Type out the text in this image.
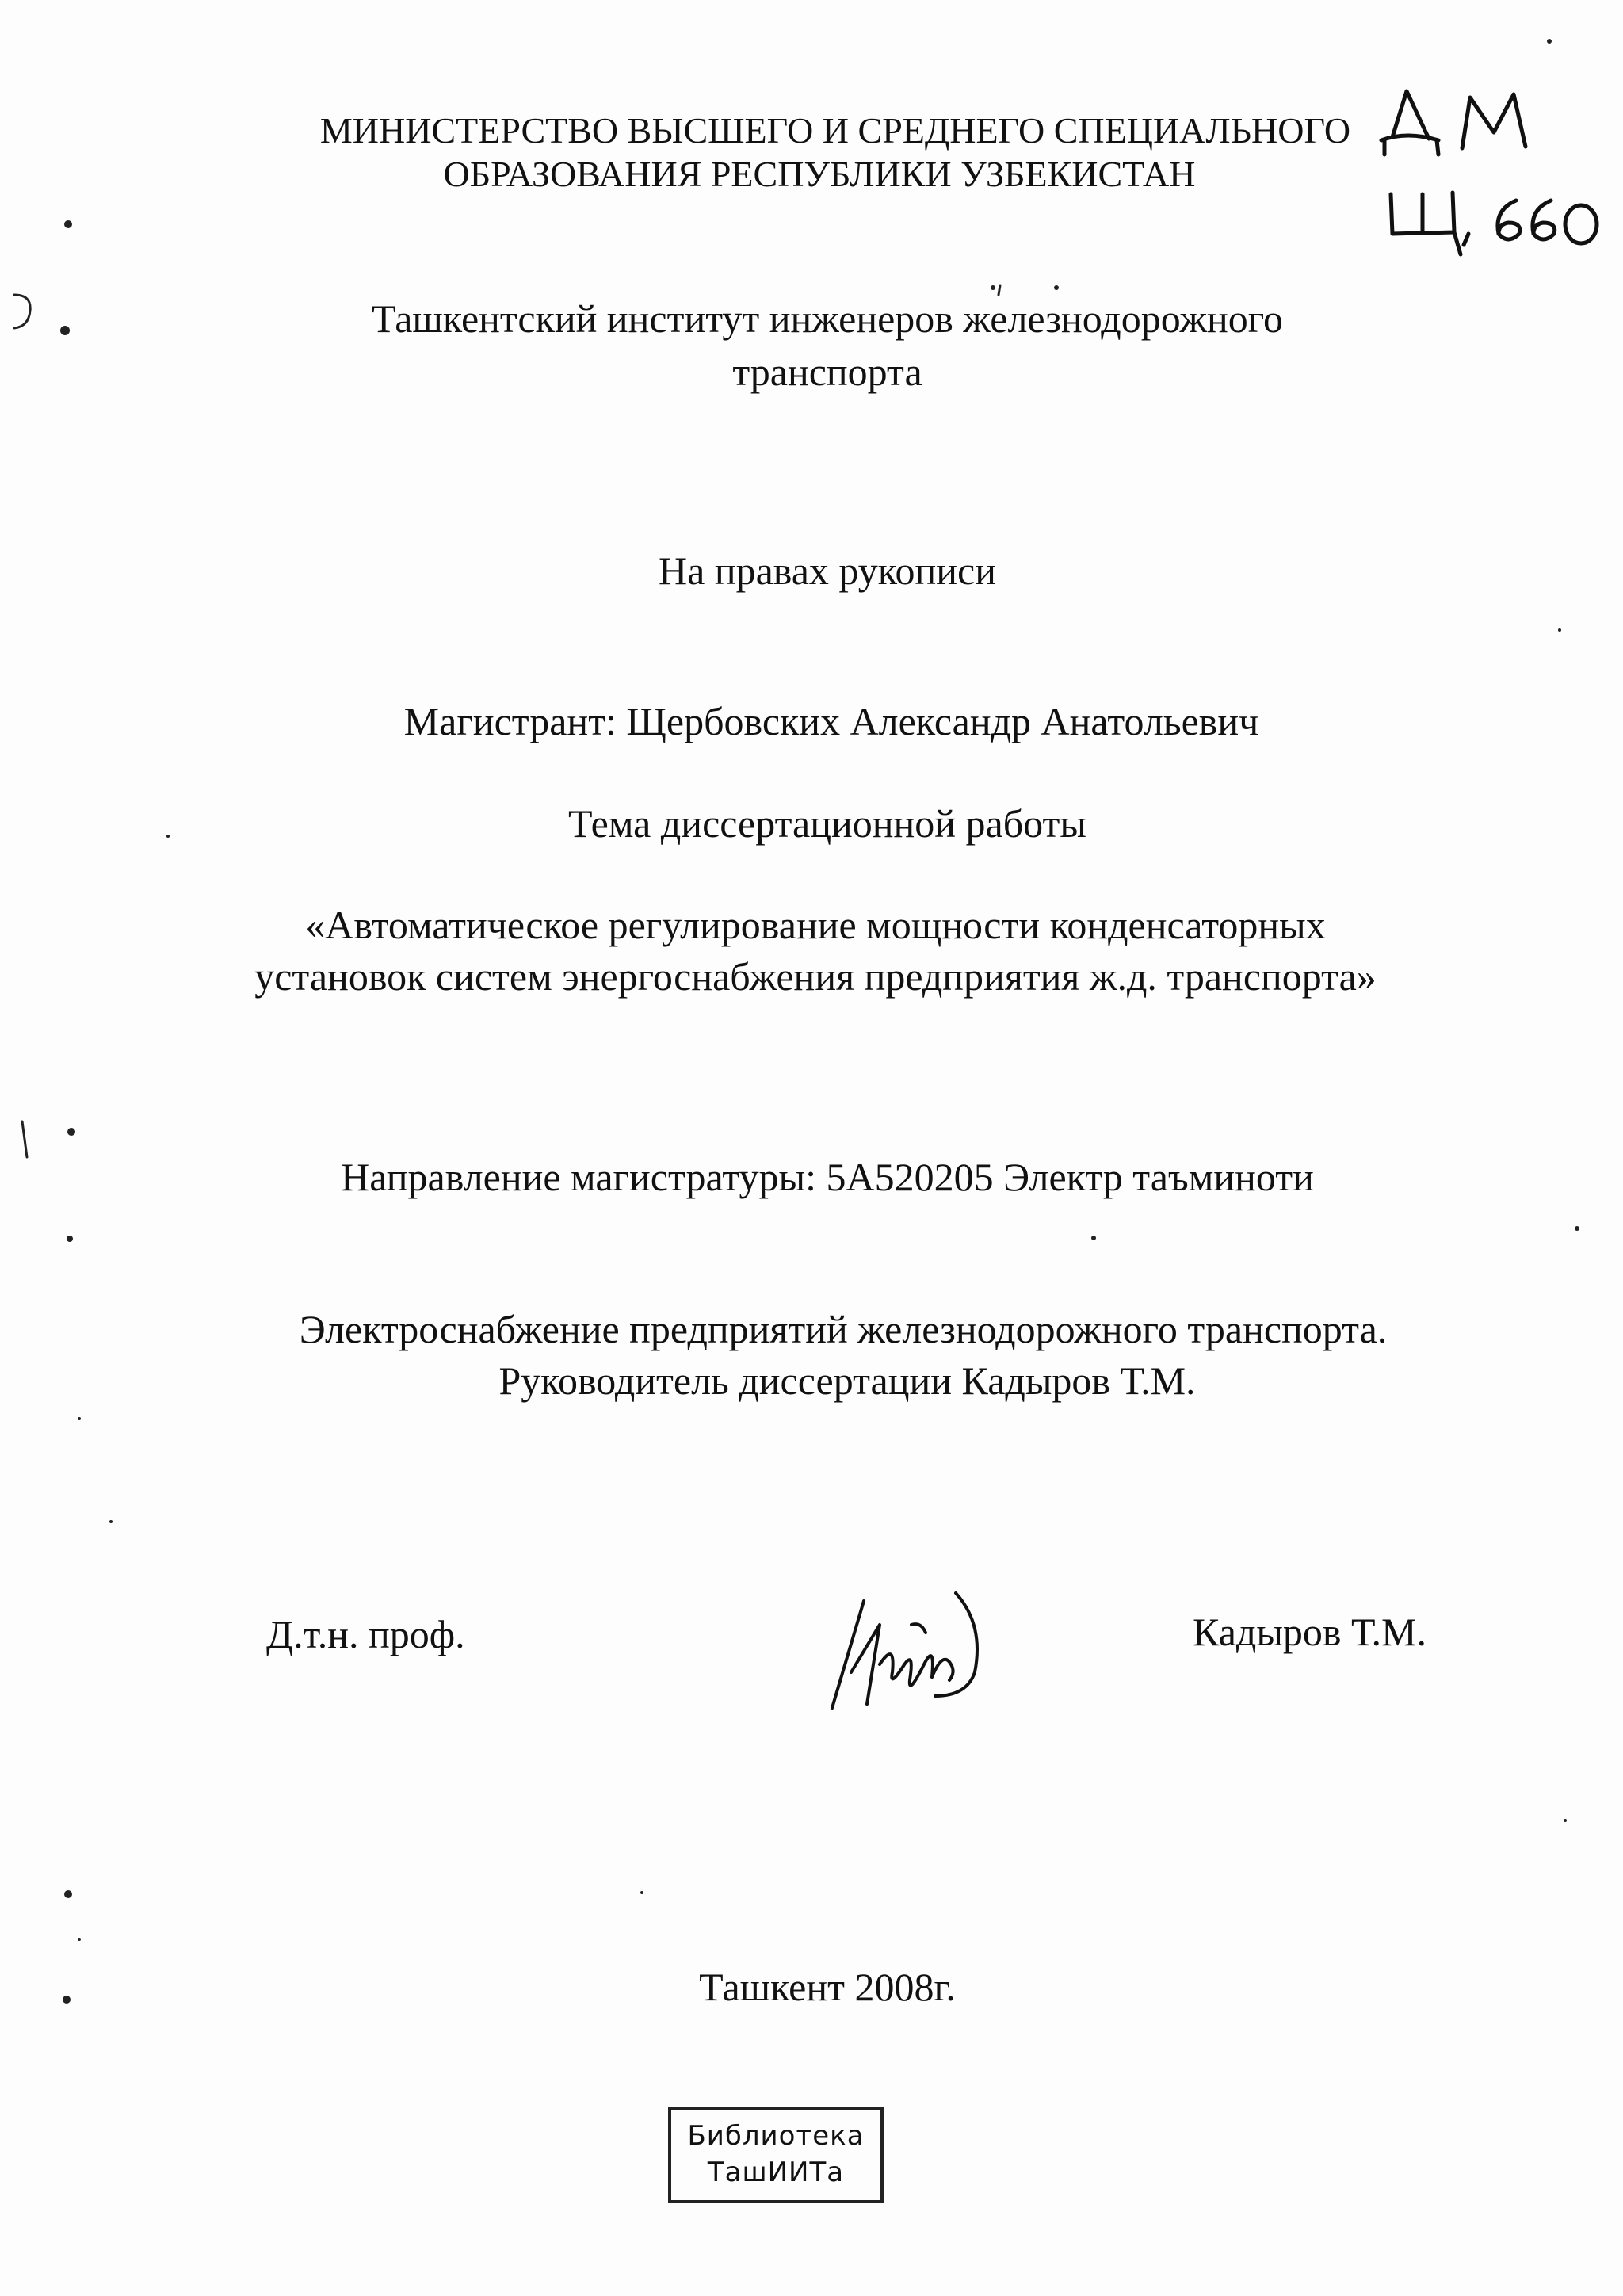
МИНИСТЕРСТВО ВЫСШЕГО И СРЕДНЕГО СПЕЦИАЛЬНОГО
ОБРАЗОВАНИЯ РЕСПУБЛИКИ УЗБЕКИСТАН
Ташкентский институт инженеров железнодорожного
транспорта
На правах рукописи
Магистрант: Щербовских Александр Анатольевич
Тема диссертационной работы
«Автоматическое регулирование мощности конденсаторных
установок систем энергоснабжения предприятия ж.д. транспорта»
Направление магистратуры: 5А520205 Электр таъминоти
Электроснабжение предприятий железнодорожного транспорта.
Руководитель диссертации Кадыров Т.М.
Д.т.н. проф.	Кадыров Т.М.
Ташкент 2008г.
Библиотека
ТашИИТа
